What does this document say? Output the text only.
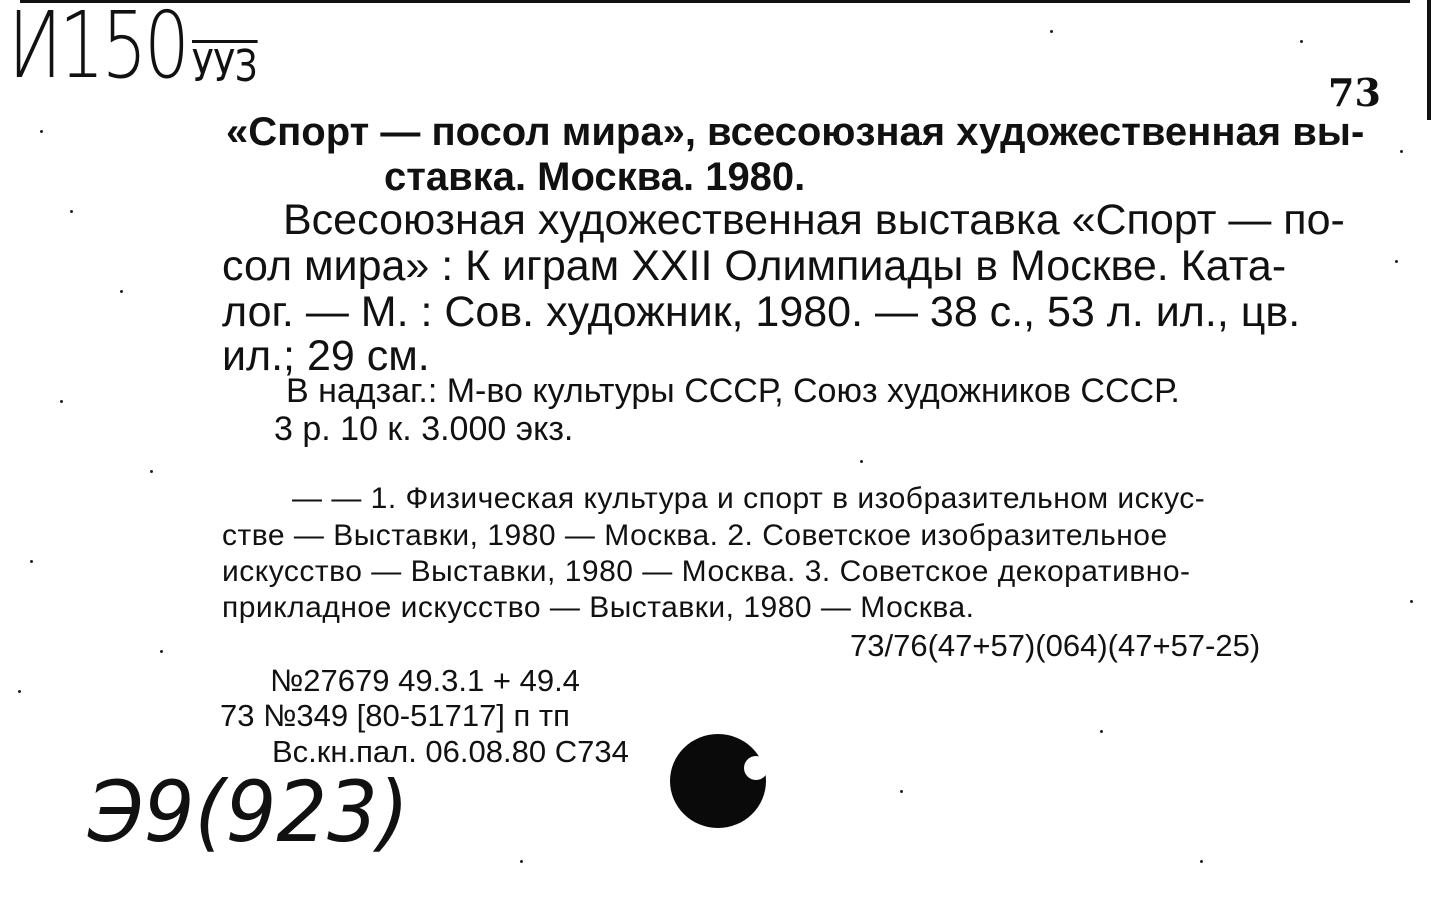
И150 УУЗ
73
«Спорт — посол мира», всесоюзная художественная вы-
ставка. Москва. 1980.
Всесоюзная художественная выставка «Спорт — по-
сол мира» : К играм XXII Олимпиады в Москве. Ката-
лог. — М. : Сов. художник, 1980. — 38 с., 53 л. ил., цв.
ил.; 29 см.
В надзаг.: М-во культуры СССР, Союз художников СССР.
3 р. 10 к. 3.000 экз.
— — 1. Физическая культура и спорт в изобразительном искус-
стве — Выставки, 1980 — Москва. 2. Советское изобразительное
искусство — Выставки, 1980 — Москва. 3. Советское декоративно-
прикладное искусство — Выставки, 1980 — Москва.
73/76(47+57)(064)(47+57-25)
№27679 49.3.1 + 49.4
73 №349 [80-51717] п тп
Вс.кн.пал. 06.08.80 С734
Э9(923)
